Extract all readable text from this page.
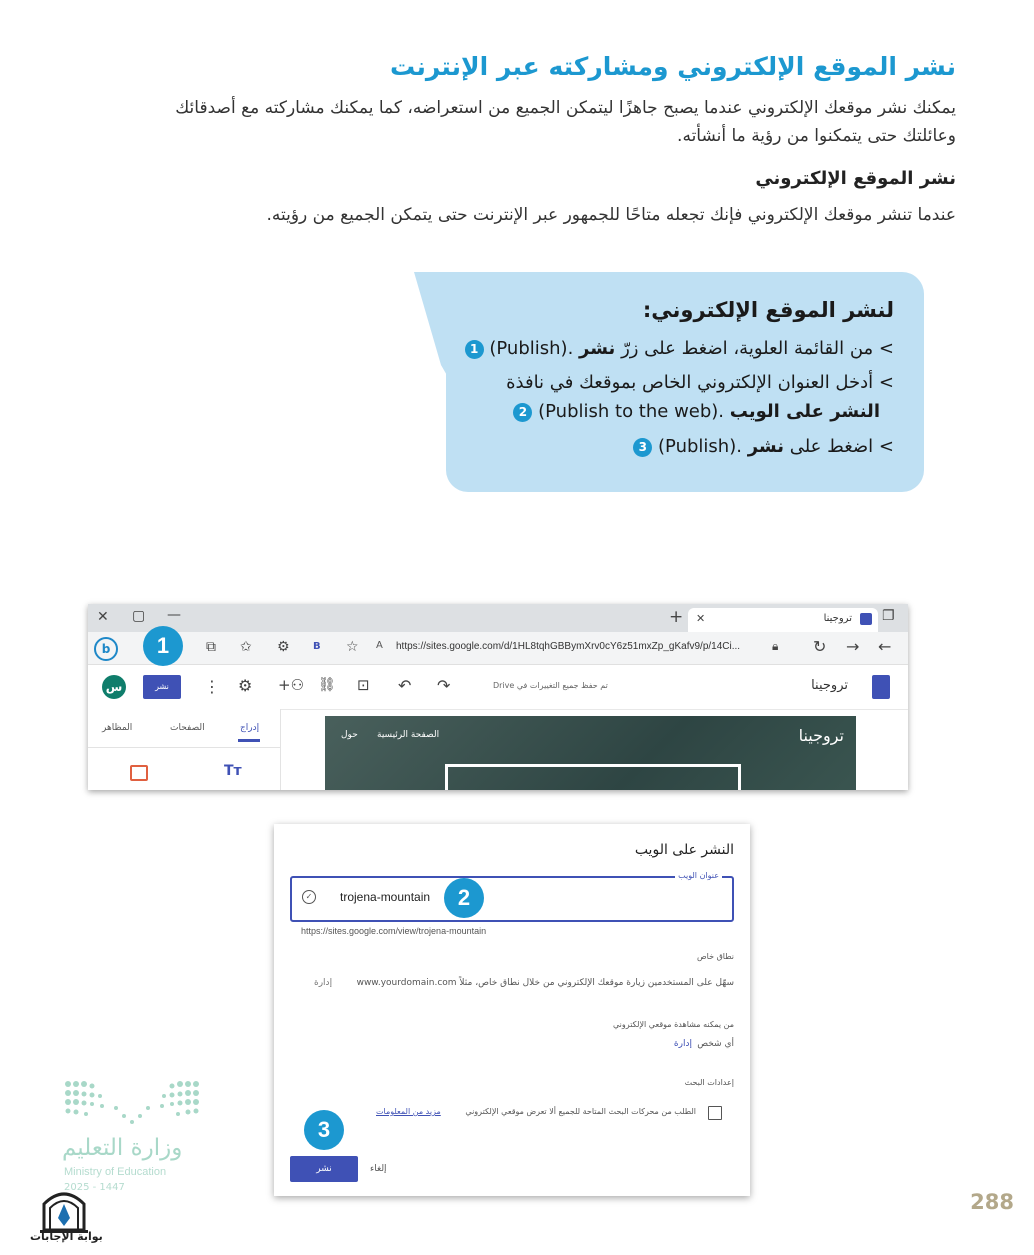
نشر الموقع الإلكتروني ومشاركته عبر الإنترنت
يمكنك نشر موقعك الإلكتروني عندما يصبح جاهزًا ليتمكن الجميع من استعراضه، كما يمكنك مشاركته مع أصدقائك
وعائلتك حتى يتمكنوا من رؤية ما أنشأته.
نشر الموقع الإلكتروني
عندما تنشر موقعك الإلكتروني فإنك تجعله متاحًا للجمهور عبر الإنترنت حتى يتمكن الجميع من رؤيته.
لنشر الموقع الإلكتروني:
> من القائمة العلوية، اضغط على زرّ نشر (Publish). 1
> أدخل العنوان الإلكتروني الخاص بموقعك في نافذة
النشر على الويب (Publish to the web). 2
> اضغط على نشر (Publish). 3
✕ ▢ —	+ ✕	تروجينا ❐
b	⧉ ✩ ⚙ B ☆ A https://sites.google.com/d/1HL8tqhGBBymXrv0cY6z51mxZp_gKafv9/p/14Ci...	🔒︎ ↻ → ←
س	نشر	⋮ ⚙ +⚇ ⛓ ⊡ ↶ ↷	تم حفظ جميع التغييرات في Drive	تروجينا
إدراج
الصفحات
المظاهر
Tт
حول الصفحة الرئيسية	تروجينا
1
النشر على الويب
عنوان الويب
✓	trojena-mountain
https://sites.google.com/view/trojena-mountain
نطاق خاص
سهّل على المستخدمين زيارة موقعك الإلكتروني من خلال نطاق خاص، مثلاً www.yourdomain.com
إدارة
من يمكنه مشاهدة موقعي الإلكتروني
أي شخص
إدارة
إعدادات البحث
الطلب من محركات البحث المتاحة للجميع ألا تعرض موقعي الإلكتروني
مزيد من المعلومات
نشر	إلغاء
2
3
وزارة التعليم
Ministry of Education
2025 - 1447
بوابة الإجابات
288
